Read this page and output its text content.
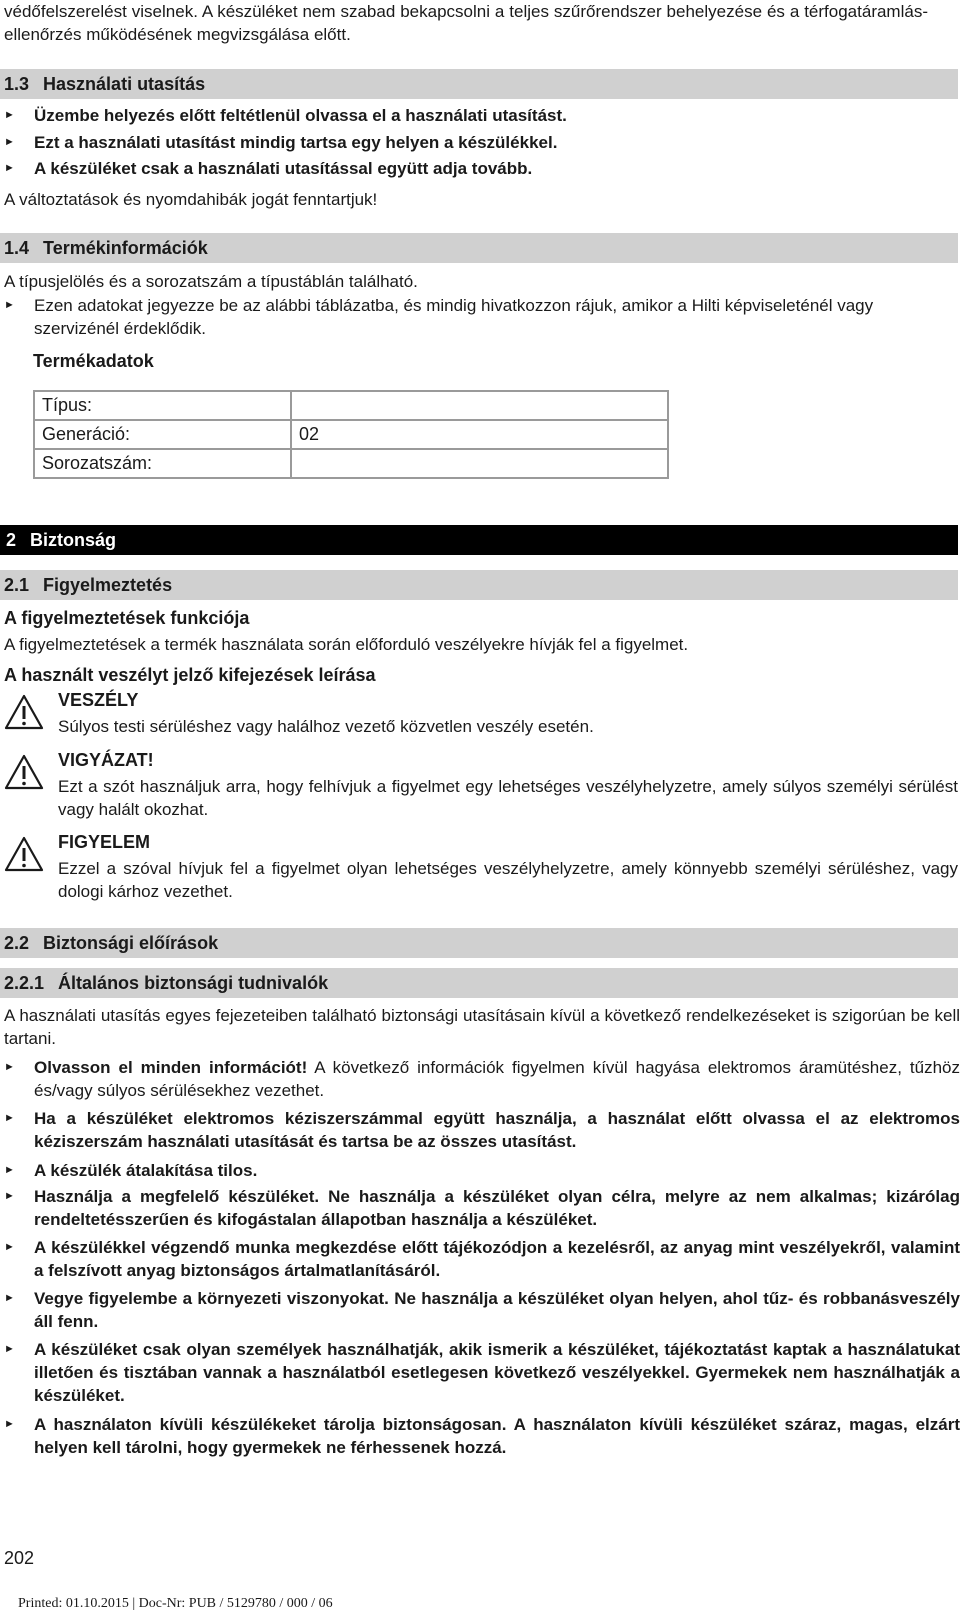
védőfelszerelést viselnek. A készüléket nem szabad bekapcsolni a teljes szűrőrendszer behelyezése és a térfogatáramlás-ellenőrzés működésének megvizsgálása előtt.
1.3 Használati utasítás
► Üzembe helyezés előtt feltétlenül olvassa el a használati utasítást.
► Ezt a használati utasítást mindig tartsa egy helyen a készülékkel.
► A készüléket csak a használati utasítással együtt adja tovább.
A változtatások és nyomdahibák jogát fenntartjuk!
1.4 Termékinformációk
A típusjelölés és a sorozatszám a típustáblán található.
► Ezen adatokat jegyezze be az alábbi táblázatba, és mindig hivatkozzon rájuk, amikor a Hilti képviseleténél vagy szervizénél érdeklődik.
Termékadatok
Típus:	
Generáció:	02
Sorozatszám:	
2 Biztonság
2.1 Figyelmeztetés
A figyelmeztetések funkciója
A figyelmeztetések a termék használata során előforduló veszélyekre hívják fel a figyelmet.
A használt veszélyt jelző kifejezések leírása
VESZÉLY
Súlyos testi sérüléshez vagy halálhoz vezető közvetlen veszély esetén.
VIGYÁZAT!
Ezt a szót használjuk arra, hogy felhívjuk a figyelmet egy lehetséges veszélyhelyzetre, amely súlyos személyi sérülést vagy halált okozhat.
FIGYELEM
Ezzel a szóval hívjuk fel a figyelmet olyan lehetséges veszélyhelyzetre, amely könnyebb személyi sérüléshez, vagy dologi kárhoz vezethet.
2.2 Biztonsági előírások
2.2.1 Általános biztonsági tudnivalók
A használati utasítás egyes fejezeteiben található biztonsági utasításain kívül a következő rendelkezéseket is szigorúan be kell tartani.
► Olvasson el minden információt! A következő információk figyelmen kívül hagyása elektromos áramütéshez, tűzhöz és/vagy súlyos sérülésekhez vezethet.
► Ha a készüléket elektromos kéziszerszámmal együtt használja, a használat előtt olvassa el az elektromos kéziszerszám használati utasítását és tartsa be az összes utasítást.
► A készülék átalakítása tilos.
► Használja a megfelelő készüléket. Ne használja a készüléket olyan célra, melyre az nem alkalmas; kizárólag rendeltetésszerűen és kifogástalan állapotban használja a készüléket.
► A készülékkel végzendő munka megkezdése előtt tájékozódjon a kezelésről, az anyag mint veszélyekről, valamint a felszívott anyag biztonságos ártalmatlanításáról.
► Vegye figyelembe a környezeti viszonyokat. Ne használja a készüléket olyan helyen, ahol tűz- és robbanásveszély áll fenn.
► A készüléket csak olyan személyek használhatják, akik ismerik a készüléket, tájékoztatást kaptak a használatukat illetően és tisztában vannak a használatból esetlegesen következő veszélyekkel. Gyermekek nem használhatják a készüléket.
► A használaton kívüli készülékeket tárolja biztonságosan. A használaton kívüli készüléket száraz, magas, elzárt helyen kell tárolni, hogy gyermekek ne férhessenek hozzá.
202
Printed: 01.10.2015 | Doc-Nr: PUB / 5129780 / 000 / 06
